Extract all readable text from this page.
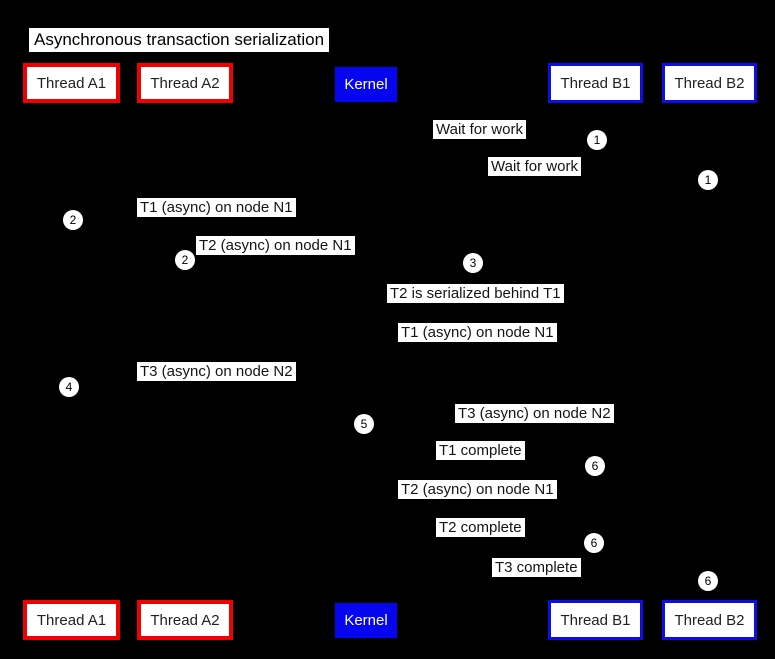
Asynchronous transaction serialization
Thread A1	Thread A2	Kernel	Thread B1	Thread B2
Wait for work
Wait for work
T1 (async) on node N1
T2 (async) on node N1
T2 is serialized behind T1
T1 (async) on node N1
T3 (async) on node N2
T3 (async) on node N2
T1 complete
T2 (async) on node N1
T2 complete
T3 complete
1
1
2
2	3
4
5
6
6
6
Thread A1	Thread A2	Kernel	Thread B1	Thread B2
